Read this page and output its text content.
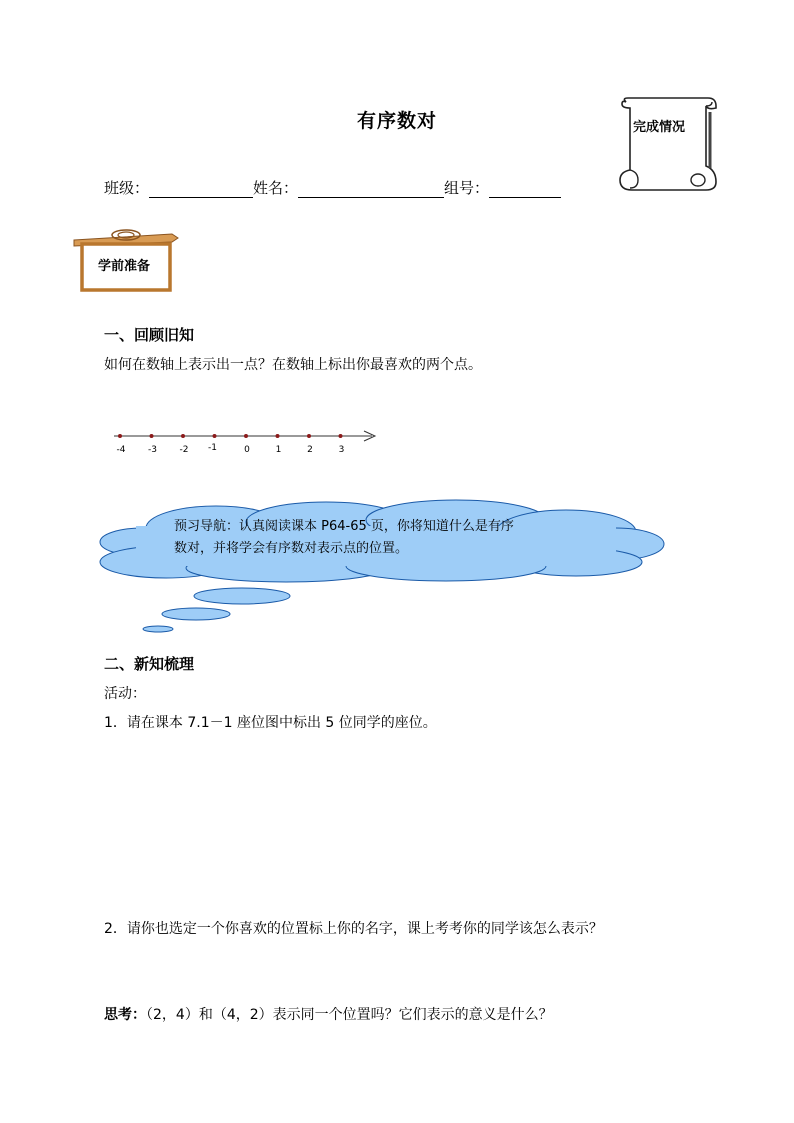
有序数对	完成情况
班级：	姓名：	组号：
学前准备
一、回顾旧知
如何在数轴上表示出一点？在数轴上标出你最喜欢的两个点。
-4	-3	-2 -1	0	1	2	3
预习导航：认真阅读课本 P64-65 页，你将知道什么是有序
数对，并将学会有序数对表示点的位置。
二、新知梳理
活动：
1．请在课本 7.1－1 座位图中标出 5 位同学的座位。
2．请你也选定一个你喜欢的位置标上你的名字，课上考考你的同学该怎么表示？
思考：（2，4）和（4，2）表示同一个位置吗？它们表示的意义是什么？
